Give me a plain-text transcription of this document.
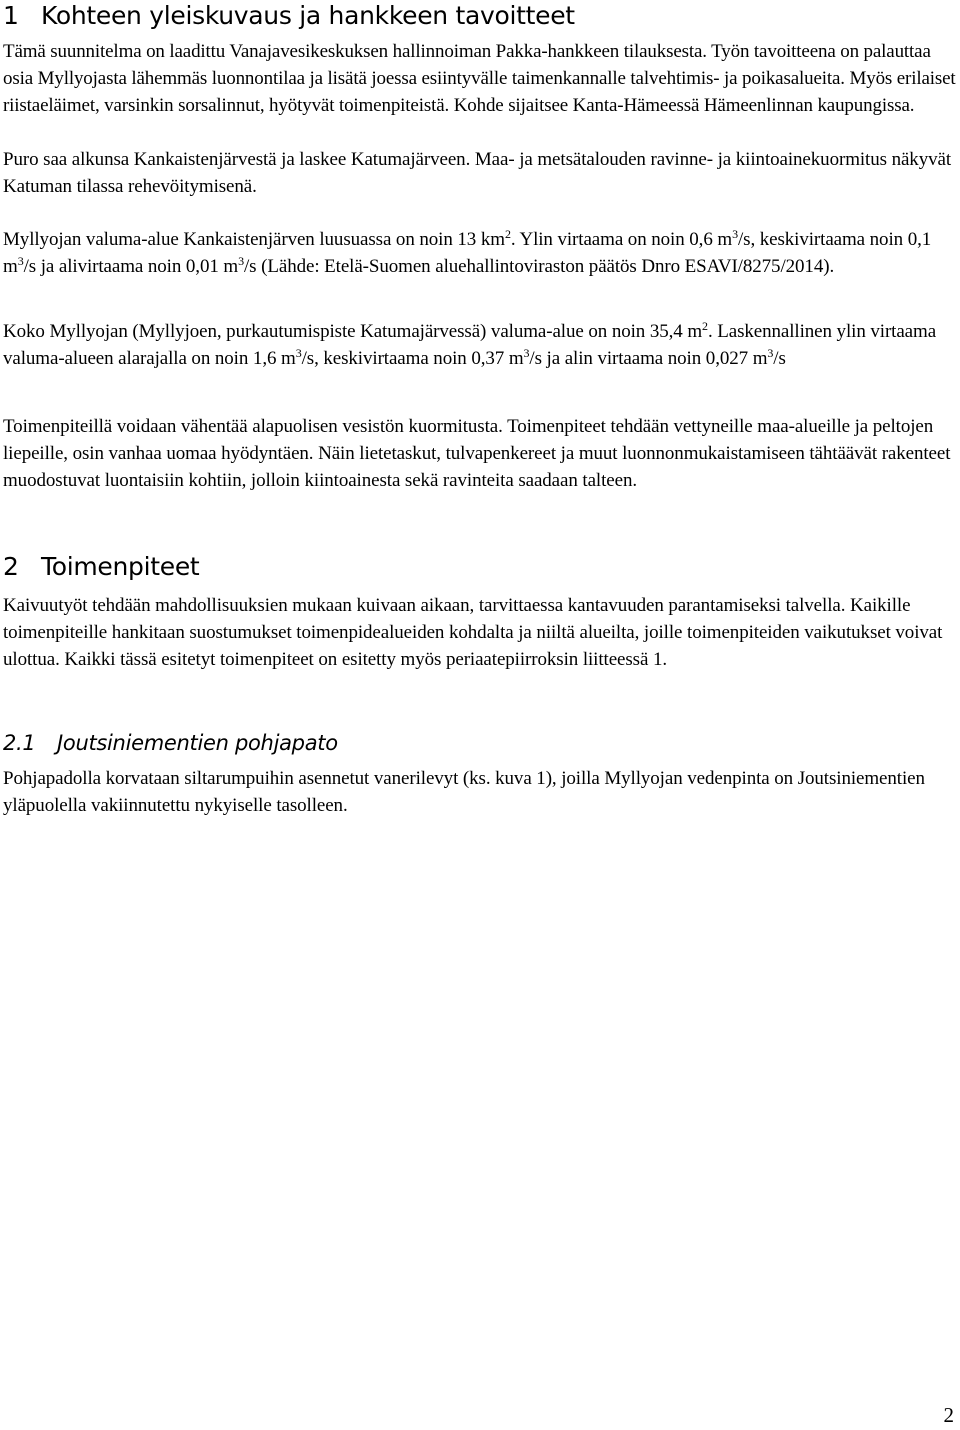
1 Kohteen yleiskuvaus ja hankkeen tavoitteet

Tämä suunnitelma on laadittu Vanajavesikeskuksen hallinnoiman Pakka-hankkeen tilauksesta. Työn tavoitteena on palauttaa osia Myllyojasta lähemmäs luonnontilaa ja lisätä joessa esiintyvälle taimenkannalle talvehtimis- ja poikasalueita. Myös erilaiset riistaeläimet, varsinkin sorsalinnut, hyötyvät toimenpiteistä. Kohde sijaitsee Kanta-Hämeessä Hämeenlinnan kaupungissa.

Puro saa alkunsa Kankaistenjärvestä ja laskee Katumajärveen. Maa- ja metsätalouden ravinne- ja kiintoainekuormitus näkyvät Katuman tilassa rehevöitymisenä.

Myllyojan valuma-alue Kankaistenjärven luusuassa on noin 13 $km^2$. Ylin virtaama on noin 0,6 $m^3/s$, keskivirtaama noin 0,1 $m^3/s$ ja alivirtaama noin 0,01 $m^3/s$ (Lähde: Etelä-Suomen aluehallintoviraston päätös Dnro ESAVI/8275/2014).

Koko Myllyojan (Myllyjoen, purkautumispiste Katumajärvessä) valuma-alue on noin 35,4 $m^2$. Laskennallinen ylin virtaama valuma-alueen alarajalla on noin 1,6 $m^3/s$, keskivirtaama noin 0,37 $m^3/s$ ja alin virtaama noin 0,027 $m^3/s$

Toimenpiteillä voidaan vähentää alapuolisen vesistön kuormitusta. Toimenpiteet tehdään vettyneille maa-alueille ja peltojen liepeille, osin vanhaa uomaa hyödyntäen. Näin lietetaskut, tulvapenkereet ja muut luonnonmukaistamiseen tähtäävät rakenteet muodostuvat luontaisiin kohtiin, jolloin kiintoainesta sekä ravinteita saadaan talteen.

2 Toimenpiteet

Kaivuutyöt tehdään mahdollisuuksien mukaan kuivaan aikaan, tarvittaessa kantavuuden parantamiseksi talvella. Kaikille toimenpiteille hankitaan suostumukset toimenpidealueiden kohdalta ja niiltä alueilta, joille toimenpiteiden vaikutukset voivat ulottua. Kaikki tässä esitetyt toimenpiteet on esitetty myös periaatepiirroksin liitteessä 1.

2.1 Joutsiniementien pohjapato

Pohjapadolla korvataan siltarumpuihin asennetut vanerilevyt (ks. kuva 1), joilla Myllyojan vedenpinta on Joutsiniementien yläpuolella vakiinnutettu nykyiselle tasolleen.

2
